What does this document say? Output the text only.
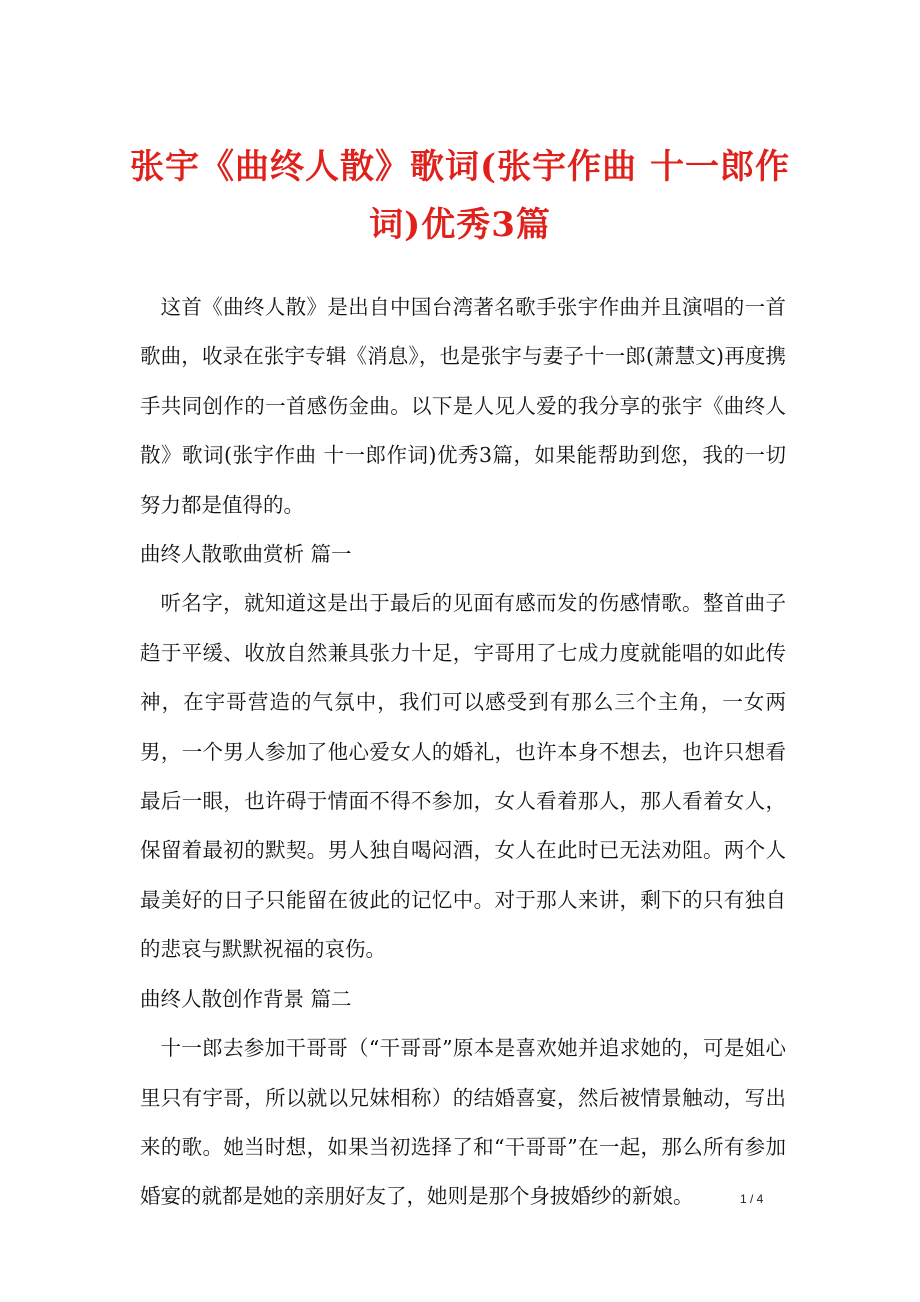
张宇《曲终人散》歌词(张宇作曲 十一郎作词)优秀3篇

这首《曲终人散》是出自中国台湾著名歌手张宇作曲并且演唱的一首歌曲，收录在张宇专辑《消息》，也是张宇与妻子十一郎(萧慧文)再度携手共同创作的一首感伤金曲。以下是人见人爱的我分享的张宇《曲终人散》歌词(张宇作曲 十一郎作词)优秀3篇，如果能帮助到您，我的一切努力都是值得的。

曲终人散歌曲赏析 篇一

听名字，就知道这是出于最后的见面有感而发的伤感情歌。整首曲子趋于平缓、收放自然兼具张力十足，宇哥用了七成力度就能唱的如此传神，在宇哥营造的气氛中，我们可以感受到有那么三个主角，一女两男，一个男人参加了他心爱女人的婚礼，也许本身不想去，也许只想看最后一眼，也许碍于情面不得不参加，女人看着那人，那人看着女人，保留着最初的默契。男人独自喝闷酒，女人在此时已无法劝阻。两个人最美好的日子只能留在彼此的记忆中。对于那人来讲，剩下的只有独自的悲哀与默默祝福的哀伤。

曲终人散创作背景 篇二

十一郎去参加干哥哥（“干哥哥”原本是喜欢她并追求她的，可是姐心里只有宇哥，所以就以兄妹相称）的结婚喜宴，然后被情景触动，写出来的歌。她当时想，如果当初选择了和“干哥哥”在一起，那么所有参加婚宴的就都是她的亲朋好友了，她则是那个身披婚纱的新娘。	1 / 4
